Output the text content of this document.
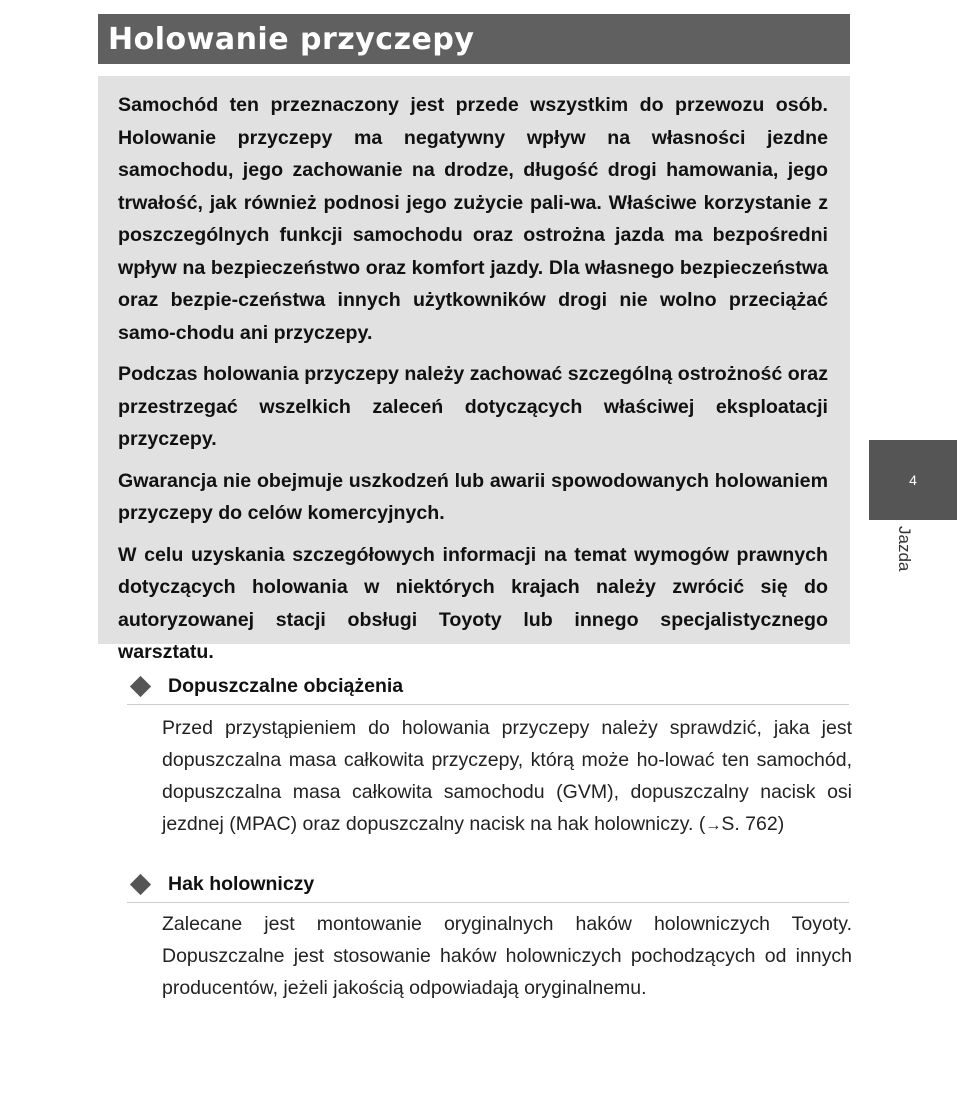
Holowanie przyczepy

Samochód ten przeznaczony jest przede wszystkim do przewozu osób. Holowanie przyczepy ma negatywny wpływ na własności jezdne samochodu, jego zachowanie na drodze, długość drogi hamowania, jego trwałość, jak również podnosi jego zużycie pali-wa. Właściwe korzystanie z poszczególnych funkcji samochodu oraz ostrożna jazda ma bezpośredni wpływ na bezpieczeństwo oraz komfort jazdy. Dla własnego bezpieczeństwa oraz bezpie-czeństwa innych użytkowników drogi nie wolno przeciążać samo-chodu ani przyczepy.

Podczas holowania przyczepy należy zachować szczególną ostrożność oraz przestrzegać wszelkich zaleceń dotyczących właściwej eksploatacji przyczepy.

Gwarancja nie obejmuje uszkodzeń lub awarii spowodowanych holowaniem przyczepy do celów komercyjnych.

W celu uzyskania szczegółowych informacji na temat wymogów prawnych dotyczących holowania w niektórych krajach należy zwrócić się do autoryzowanej stacji obsługi Toyoty lub innego specjalistycznego warsztatu.

4
Jazda
Dopuszczalne obciążenia

Przed przystąpieniem do holowania przyczepy należy sprawdzić, jaka jest dopuszczalna masa całkowita przyczepy, którą może ho-lować ten samochód, dopuszczalna masa całkowita samochodu (GVM), dopuszczalny nacisk osi jezdnej (MPAC) oraz dopuszczalny nacisk na hak holowniczy. (→S. 762)

Hak holowniczy

Zalecane jest montowanie oryginalnych haków holowniczych Toyoty. Dopuszczalne jest stosowanie haków holowniczych pochodzących od innych producentów, jeżeli jakością odpowiadają oryginalnemu.
